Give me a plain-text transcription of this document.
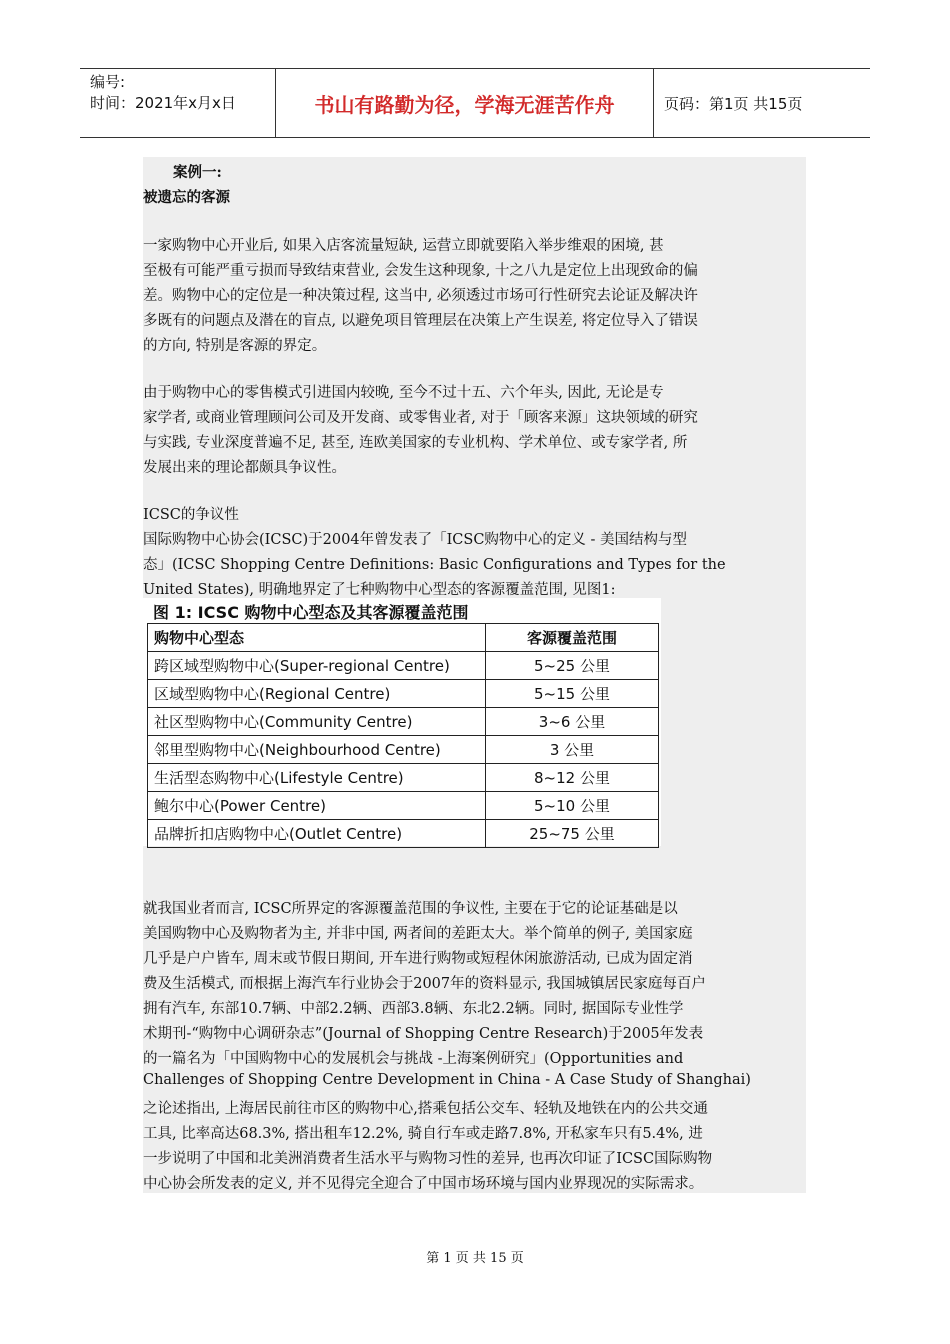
编号:
时间：2021年x月x日	书山有路勤为径，学海无涯苦作舟	页码：第1页 共15页
案例一:
被遗忘的客源
一家购物中心开业后, 如果入店客流量短缺, 运营立即就要陷入举步维艰的困境, 甚
至极有可能严重亏损而导致结束营业, 会发生这种现象, 十之八九是定位上出现致命的偏
差。购物中心的定位是一种决策过程, 这当中, 必须透过市场可行性研究去论证及解决许
多既有的问题点及潜在的盲点, 以避免项目管理层在决策上产生误差, 将定位导入了错误
的方向, 特别是客源的界定。
由于购物中心的零售模式引进国内较晚, 至今不过十五、六个年头, 因此, 无论是专
家学者, 或商业管理顾问公司及开发商、或零售业者, 对于「顾客来源」这块领域的研究
与实践, 专业深度普遍不足, 甚至, 连欧美国家的专业机构、学术单位、或专家学者, 所
发展出来的理论都颇具争议性。
ICSC的争议性
国际购物中心协会(ICSC)于2004年曾发表了「ICSC购物中心的定义 - 美国结构与型
态」(ICSC Shopping Centre Definitions: Basic Configurations and Types for the
United States), 明确地界定了七种购物中心型态的客源覆盖范围, 见图1:
图 1: ICSC 购物中心型态及其客源覆盖范围
购物中心型态	客源覆盖范围
跨区域型购物中心(Super-regional Centre)	5~25 公里
区域型购物中心(Regional Centre)	5~15 公里
社区型购物中心(Community Centre)	3~6 公里
邻里型购物中心(Neighbourhood Centre)	3 公里
生活型态购物中心(Lifestyle Centre)	8~12 公里
鲍尔中心(Power Centre)	5~10 公里
品牌折扣店购物中心(Outlet Centre)	25~75 公里
就我国业者而言, ICSC所界定的客源覆盖范围的争议性, 主要在于它的论证基础是以
美国购物中心及购物者为主, 并非中国, 两者间的差距太大。举个简单的例子, 美国家庭
几乎是户户皆车, 周末或节假日期间, 开车进行购物或短程休闲旅游活动, 已成为固定消
费及生活模式, 而根据上海汽车行业协会于2007年的资料显示, 我国城镇居民家庭每百户
拥有汽车, 东部10.7辆、中部2.2辆、西部3.8辆、东北2.2辆。同时, 据国际专业性学
术期刊-“购物中心调研杂志”(Journal of Shopping Centre Research)于2005年发表
的一篇名为「中国购物中心的发展机会与挑战 -上海案例研究」(Opportunities and
Challenges of Shopping Centre Development in China - A Case Study of Shanghai)
之论述指出, 上海居民前往市区的购物中心,搭乘包括公交车、轻轨及地铁在内的公共交通
工具, 比率高达68.3%, 搭出租车12.2%, 骑自行车或走路7.8%, 开私家车只有5.4%, 进
一步说明了中国和北美洲消费者生活水平与购物习性的差异, 也再次印证了ICSC国际购物
中心协会所发表的定义, 并不见得完全迎合了中国市场环境与国内业界现况的实际需求。
第 1 页 共 15 页
